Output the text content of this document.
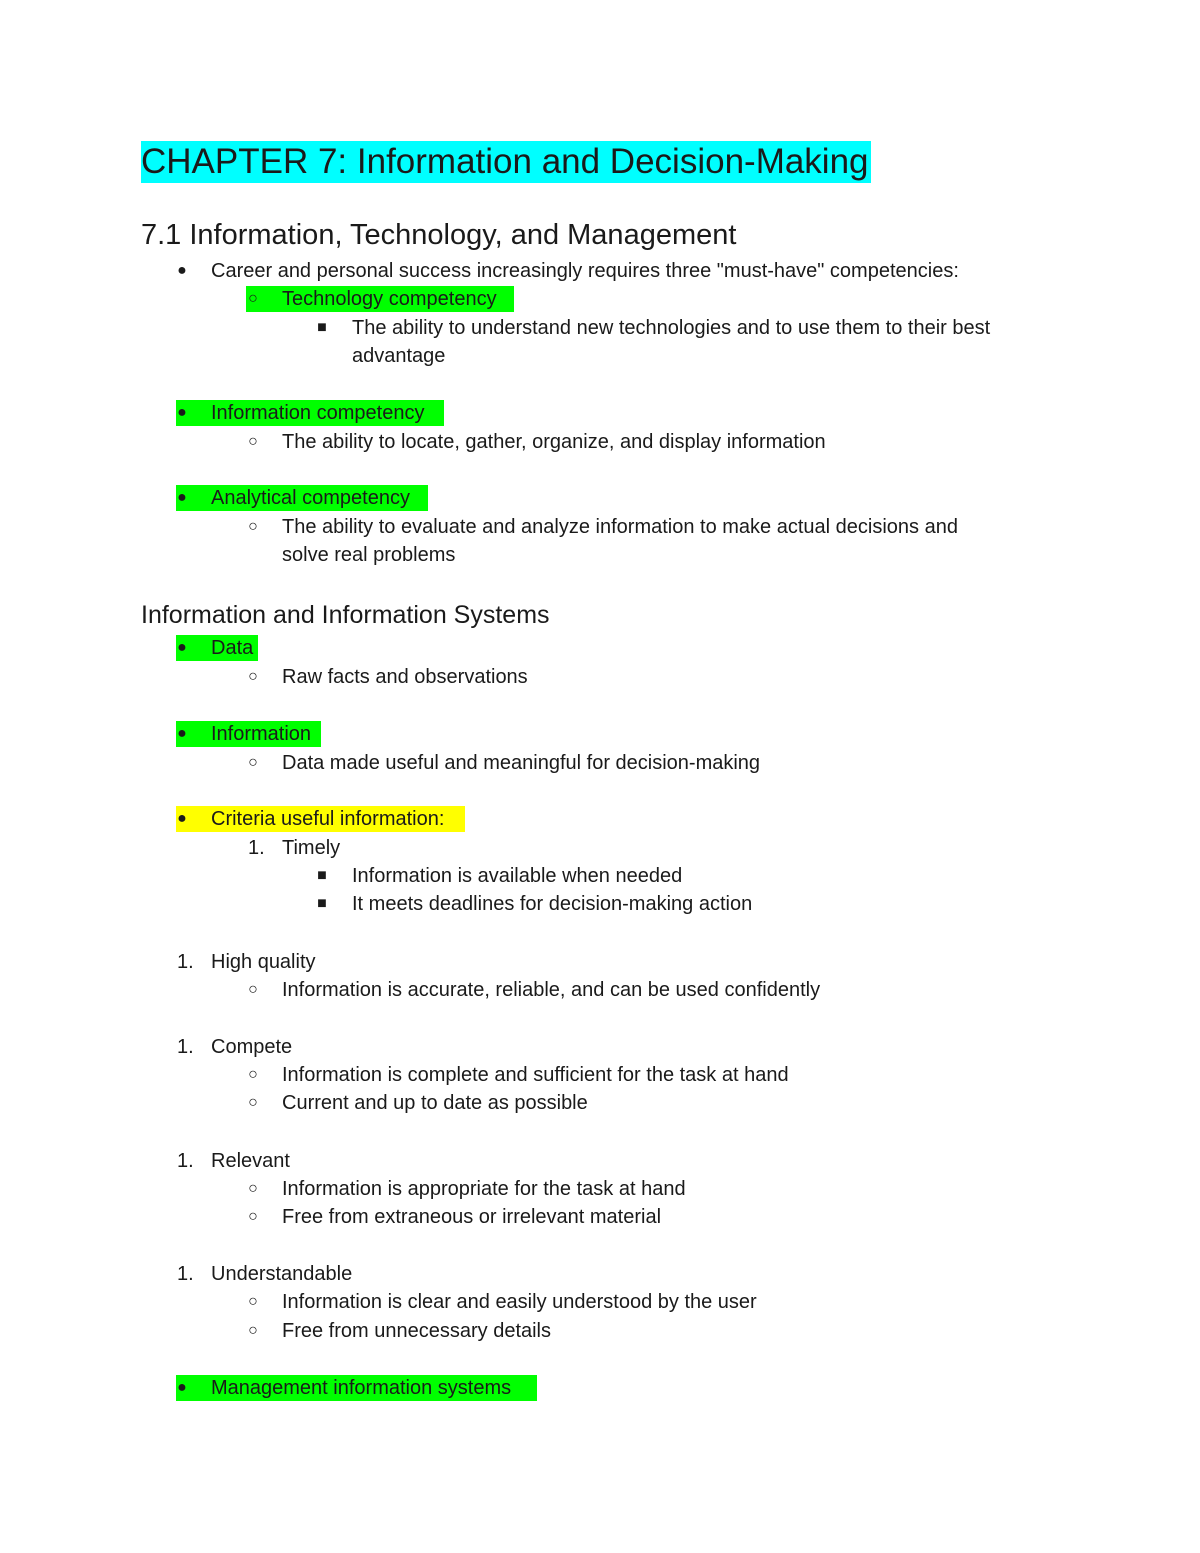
CHAPTER 7: Information and Decision-Making
7.1 Information, Technology, and Management
● Career and personal success increasingly requires three "must-have" competencies:
○ Technology competency
■ The ability to understand new technologies and to use them to their best
advantage
● Information competency
○ The ability to locate, gather, organize, and display information
● Analytical competency
○ The ability to evaluate and analyze information to make actual decisions and
solve real problems
Information and Information Systems
● Data
○ Raw facts and observations
● Information
○ Data made useful and meaningful for decision-making
● Criteria useful information:
1. Timely
■ Information is available when needed
■ It meets deadlines for decision-making action
1. High quality
○ Information is accurate, reliable, and can be used confidently
1. Compete
○ Information is complete and sufficient for the task at hand
○ Current and up to date as possible
1. Relevant
○ Information is appropriate for the task at hand
○ Free from extraneous or irrelevant material
1. Understandable
○ Information is clear and easily understood by the user
○ Free from unnecessary details
● Management information systems
